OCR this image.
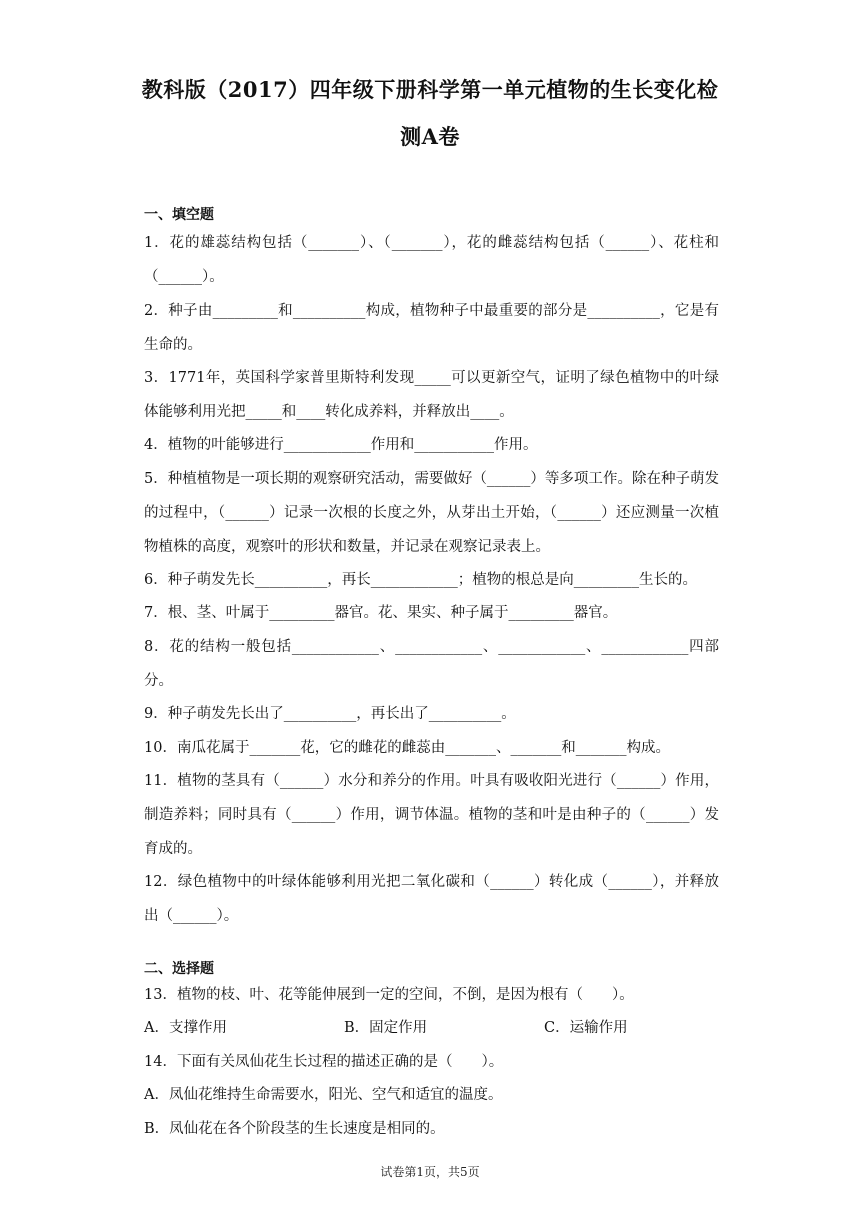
教科版（2017）四年级下册科学第一单元植物的生长变化检
测A卷
一、填空题
1．花的雄蕊结构包括（_______）、（_______），花的雌蕊结构包括（______）、花柱和（______）。
2．种子由_________和__________构成，植物种子中最重要的部分是__________，它是有生命的。
3．1771年，英国科学家普里斯特利发现_____可以更新空气，证明了绿色植物中的叶绿体能够利用光把_____和____转化成养料，并释放出____。
4．植物的叶能够进行____________作用和___________作用。
5．种植植物是一项长期的观察研究活动，需要做好（______）等多项工作。除在种子萌发的过程中，（______）记录一次根的长度之外，从芽出土开始，（______）还应测量一次植物植株的高度，观察叶的形状和数量，并记录在观察记录表上。
6．种子萌发先长__________，再长____________；植物的根总是向_________生长的。
7．根、茎、叶属于_________器官。花、果实、种子属于_________器官。
8．花的结构一般包括____________、____________、____________、____________四部分。
9．种子萌发先长出了__________，再长出了__________。
10．南瓜花属于_______花，它的雌花的雌蕊由_______、_______和_______构成。
11．植物的茎具有（______）水分和养分的作用。叶具有吸收阳光进行（______）作用，制造养料；同时具有（______）作用，调节体温。植物的茎和叶是由种子的（______）发育成的。
12．绿色植物中的叶绿体能够利用光把二氧化碳和（______）转化成（______），并释放出（______）。
二、选择题
13．植物的枝、叶、花等能伸展到一定的空间，不倒，是因为根有（　　）。
A．支撑作用	B．固定作用	C．运输作用
14．下面有关凤仙花生长过程的描述正确的是（　　）。
A．凤仙花维持生命需要水，阳光、空气和适宜的温度。
B．凤仙花在各个阶段茎的生长速度是相同的。
试卷第1页，共5页
